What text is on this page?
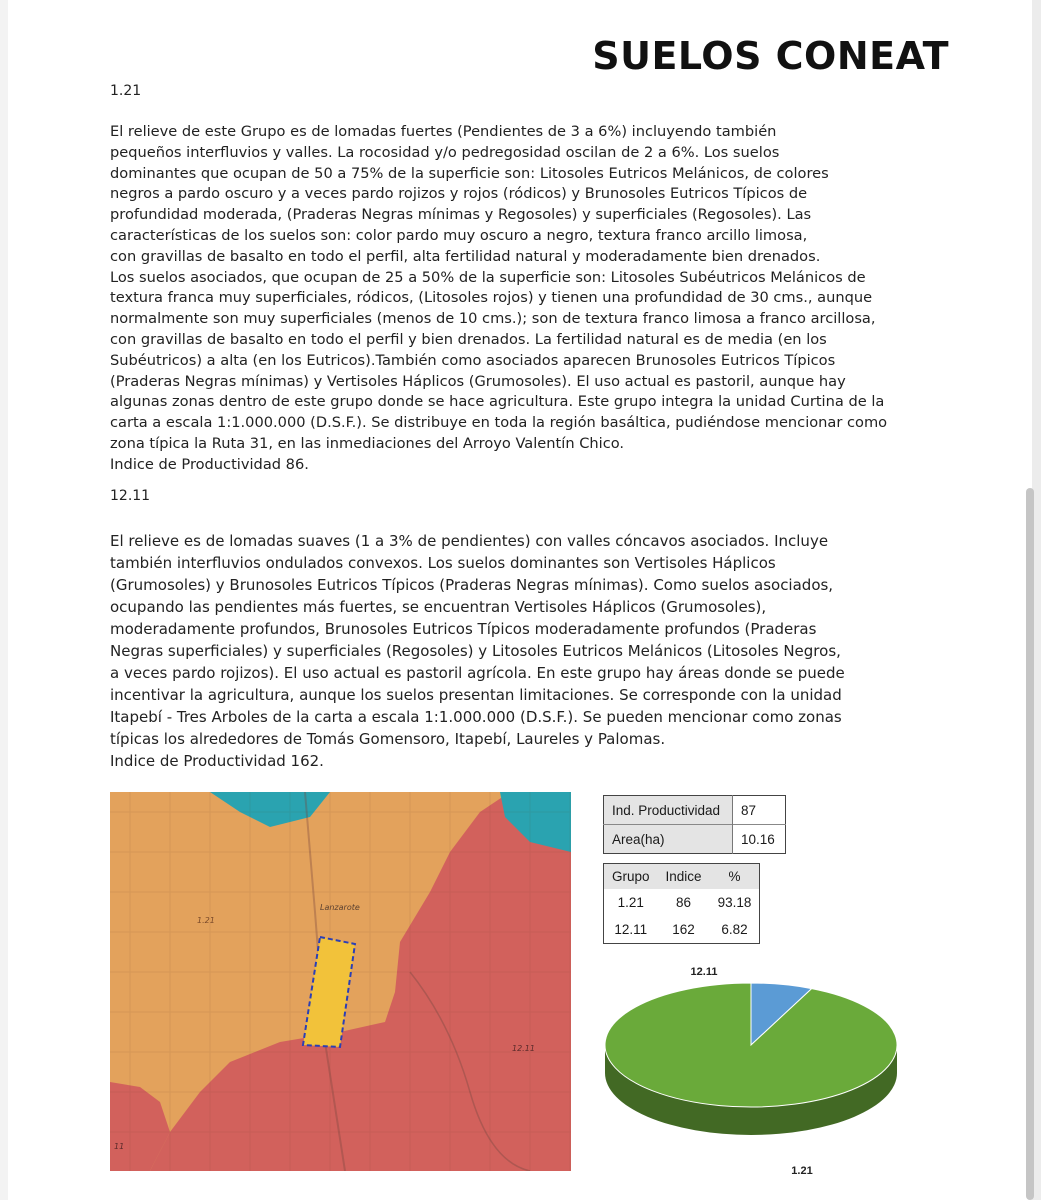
SUELOS CONEAT
1.21
El relieve de este Grupo es de lomadas fuertes (Pendientes de 3 a 6%) incluyendo también
pequeños interfluvios y valles. La rocosidad y/o pedregosidad oscilan de 2 a 6%. Los suelos
dominantes que ocupan de 50 a 75% de la superficie son: Litosoles Eutricos Melánicos, de colores
negros a pardo oscuro y a veces pardo rojizos y rojos (ródicos) y Brunosoles Eutricos Típicos de
profundidad moderada, (Praderas Negras mínimas y Regosoles) y superficiales (Regosoles). Las
características de los suelos son: color pardo muy oscuro a negro, textura franco arcillo limosa,
con gravillas de basalto en todo el perfil, alta fertilidad natural y moderadamente bien drenados.
Los suelos asociados, que ocupan de 25 a 50% de la superficie son: Litosoles Subéutricos Melánicos de
textura franca muy superficiales, ródicos, (Litosoles rojos) y tienen una profundidad de 30 cms., aunque
normalmente son muy superficiales (menos de 10 cms.); son de textura franco limosa a franco arcillosa,
con gravillas de basalto en todo el perfil y bien drenados. La fertilidad natural es de media (en los
Subéutricos) a alta (en los Eutricos).También como asociados aparecen Brunosoles Eutricos Típicos
(Praderas Negras mínimas) y Vertisoles Háplicos (Grumosoles). El uso actual es pastoril, aunque hay
algunas zonas dentro de este grupo donde se hace agricultura. Este grupo integra la unidad Curtina de la
carta a escala 1:1.000.000 (D.S.F.). Se distribuye en toda la región basáltica, pudiéndose mencionar como
zona típica la Ruta 31, en las inmediaciones del Arroyo Valentín Chico.
Indice de Productividad 86.
12.11
El relieve es de lomadas suaves (1 a 3% de pendientes) con valles cóncavos asociados. Incluye
también interfluvios ondulados convexos. Los suelos dominantes son Vertisoles Háplicos
(Grumosoles) y Brunosoles Eutricos Típicos (Praderas Negras mínimas). Como suelos asociados,
ocupando las pendientes más fuertes, se encuentran Vertisoles Háplicos (Grumosoles),
moderadamente profundos, Brunosoles Eutricos Típicos moderadamente profundos (Praderas
Negras superficiales) y superficiales (Regosoles) y Litosoles Eutricos Melánicos (Litosoles Negros,
a veces pardo rojizos). El uso actual es pastoril agrícola. En este grupo hay áreas donde se puede
incentivar la agricultura, aunque los suelos presentan limitaciones. Se corresponde con la unidad
Itapebí - Tres Arboles de la carta a escala 1:1.000.000 (D.S.F.). Se pueden mencionar como zonas
típicas los alrededores de Tomás Gomensoro, Itapebí, Laureles y Palomas.
Indice de Productividad 162.
1.21
12.11
11
Lanzarote
Ind. Productividad	87
Area(ha)	10.16
Grupo	Indice	%
1.21	86	93.18
12.11	162	6.82
12.11
1.21
